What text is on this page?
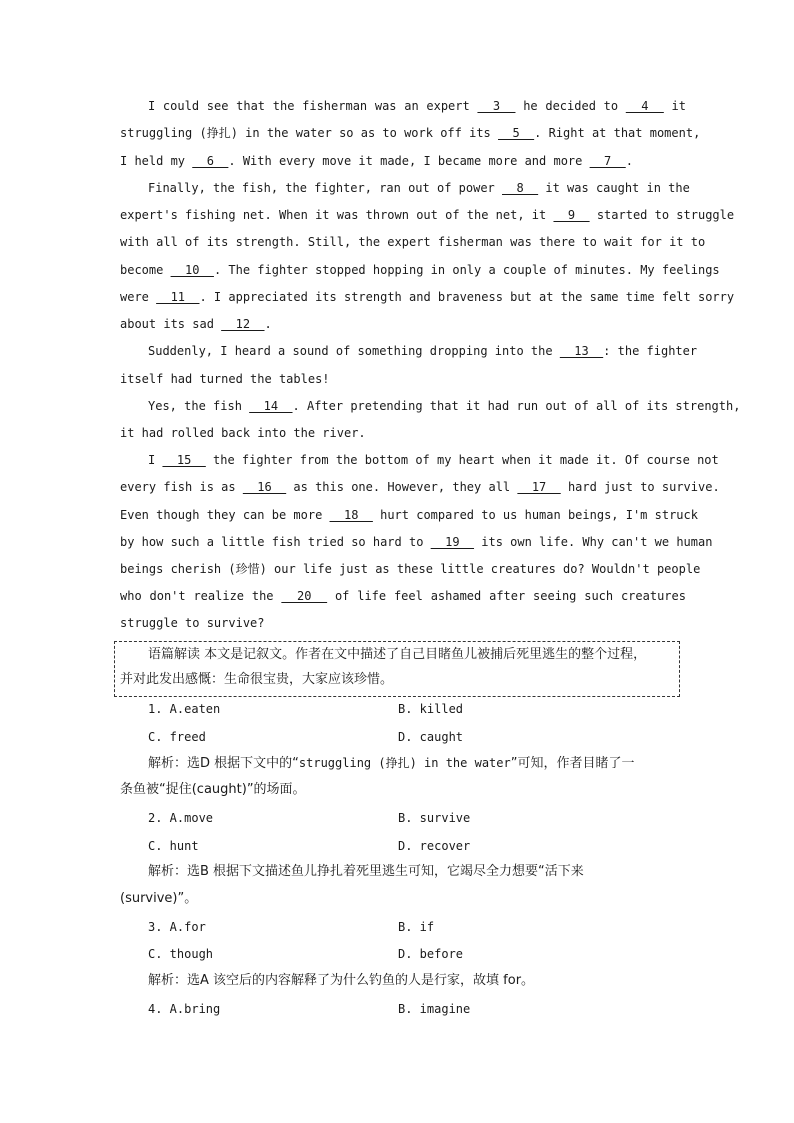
I could see that the fisherman was an expert   3   he decided to   4   it
struggling (挣扎) in the water so as to work off its   5  . Right at that moment,
I held my   6  . With every move it made, I became more and more   7  .
Finally, the fish, the fighter, ran out of power   8   it was caught in the
expert's fishing net. When it was thrown out of the net, it   9   started to struggle
with all of its strength. Still, the expert fisherman was there to wait for it to
become   10  . The fighter stopped hopping in only a couple of minutes. My feelings
were   11  . I appreciated its strength and braveness but at the same time felt sorry
about its sad   12  .
Suddenly, I heard a sound of something dropping into the   13  : the fighter
itself had turned the tables!
Yes, the fish   14  . After pretending that it had run out of all of its strength,
it had rolled back into the river.
I   15   the fighter from the bottom of my heart when it made it. Of course not
every fish is as   16   as this one. However, they all   17   hard just to survive.
Even though they can be more   18   hurt compared to us human beings, I'm struck
by how such a little fish tried so hard to   19   its own life. Why can't we human
beings cherish (珍惜) our life just as these little creatures do? Wouldn't people
who don't realize the   20   of life feel ashamed after seeing such creatures
struggle to survive?
语篇解读 本文是记叙文。作者在文中描述了自己目睹鱼儿被捕后死里逃生的整个过程，
并对此发出感慨：生命很宝贵，大家应该珍惜。
1. A.eaten	B. killed
C. freed	D. caught
解析：选D 根据下文中的“struggling (挣扎) in the water”可知，作者目睹了一
条鱼被“捉住(caught)”的场面。
2. A.move	B. survive
C. hunt	D. recover
解析：选B 根据下文描述鱼儿挣扎着死里逃生可知，它竭尽全力想要“活下来
(survive)”。
3. A.for	B. if
C. though	D. before
解析：选A 该空后的内容解释了为什么钓鱼的人是行家，故填 for。
4. A.bring	B. imagine
